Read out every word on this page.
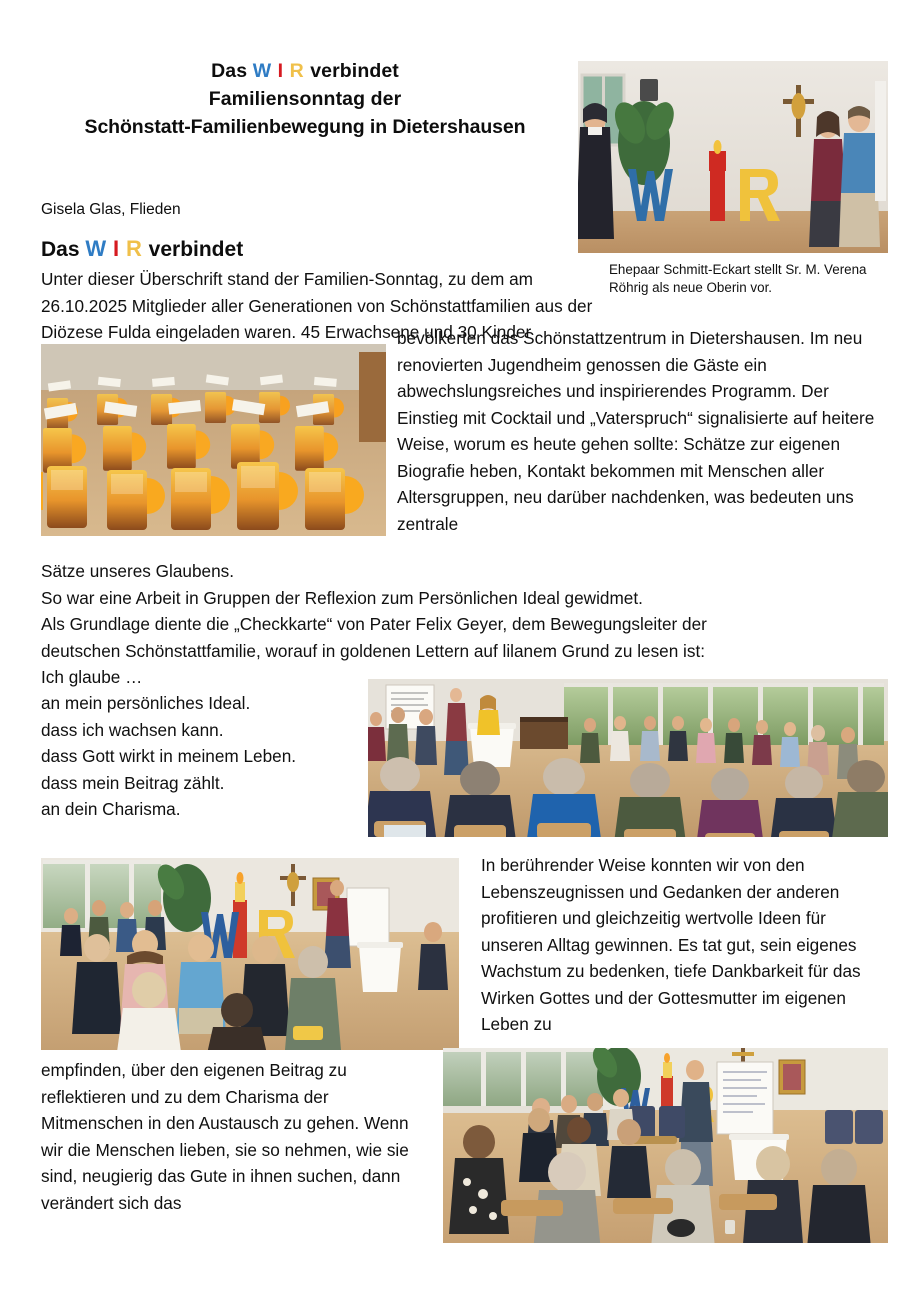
Das W I R verbindet
Familiensonntag der
Schönstatt-Familienbewegung in Dietershausen
Ehepaar Schmitt-Eckart stellt Sr. M. Verena Röhrig als neue Oberin vor.
Gisela Glas, Flieden
Das W I R verbindet
Unter dieser Überschrift stand der Familien-Sonntag, zu dem am 26.10.2025 Mitglieder aller Generationen von Schönstattfamilien aus der Diözese Fulda eingeladen waren. 45 Erwachsene und 30 Kinder
bevölkerten das Schönstattzentrum in Dietershausen. Im neu renovierten Jugendheim genossen die Gäste ein abwechslungsreiches und inspirierendes Programm. Der Einstieg mit Cocktail und „Vaterspruch“ signalisierte auf heitere Weise, worum es heute gehen sollte: Schätze zur eigenen Biografie heben, Kontakt bekommen mit Menschen aller Altersgruppen, neu darüber nachdenken, was bedeuten uns zentrale

Sätze unseres Glaubens.

So war eine Arbeit in Gruppen der Reflexion zum Persönlichen Ideal gewidmet.

Als Grundlage diente die „Checkkarte“ von Pater Felix Geyer, dem Bewegungsleiter der

deutschen Schönstattfamilie, worauf in goldenen Lettern auf lilanem Grund zu lesen ist:

Ich glaube …

an mein persönliches Ideal.

dass ich wachsen kann.

dass Gott wirkt in meinem Leben.

dass mein Beitrag zählt.

an dein Charisma.

In berührender Weise konnten wir von den Lebenszeugnissen und Gedanken der anderen profitieren und gleichzeitig wertvolle Ideen für unseren Alltag gewinnen. Es tat gut, sein eigenes Wachstum zu bedenken, tiefe Dankbarkeit für das Wirken Gottes und der Gottesmutter im eigenen Leben zu
empfinden, über den eigenen Beitrag zu reflektieren und zu dem Charisma der Mitmenschen in den Austausch zu gehen. Wenn wir die Menschen lieben, sie so nehmen, wie sie sind, neugierig das Gute in ihnen suchen, dann verändert sich das
